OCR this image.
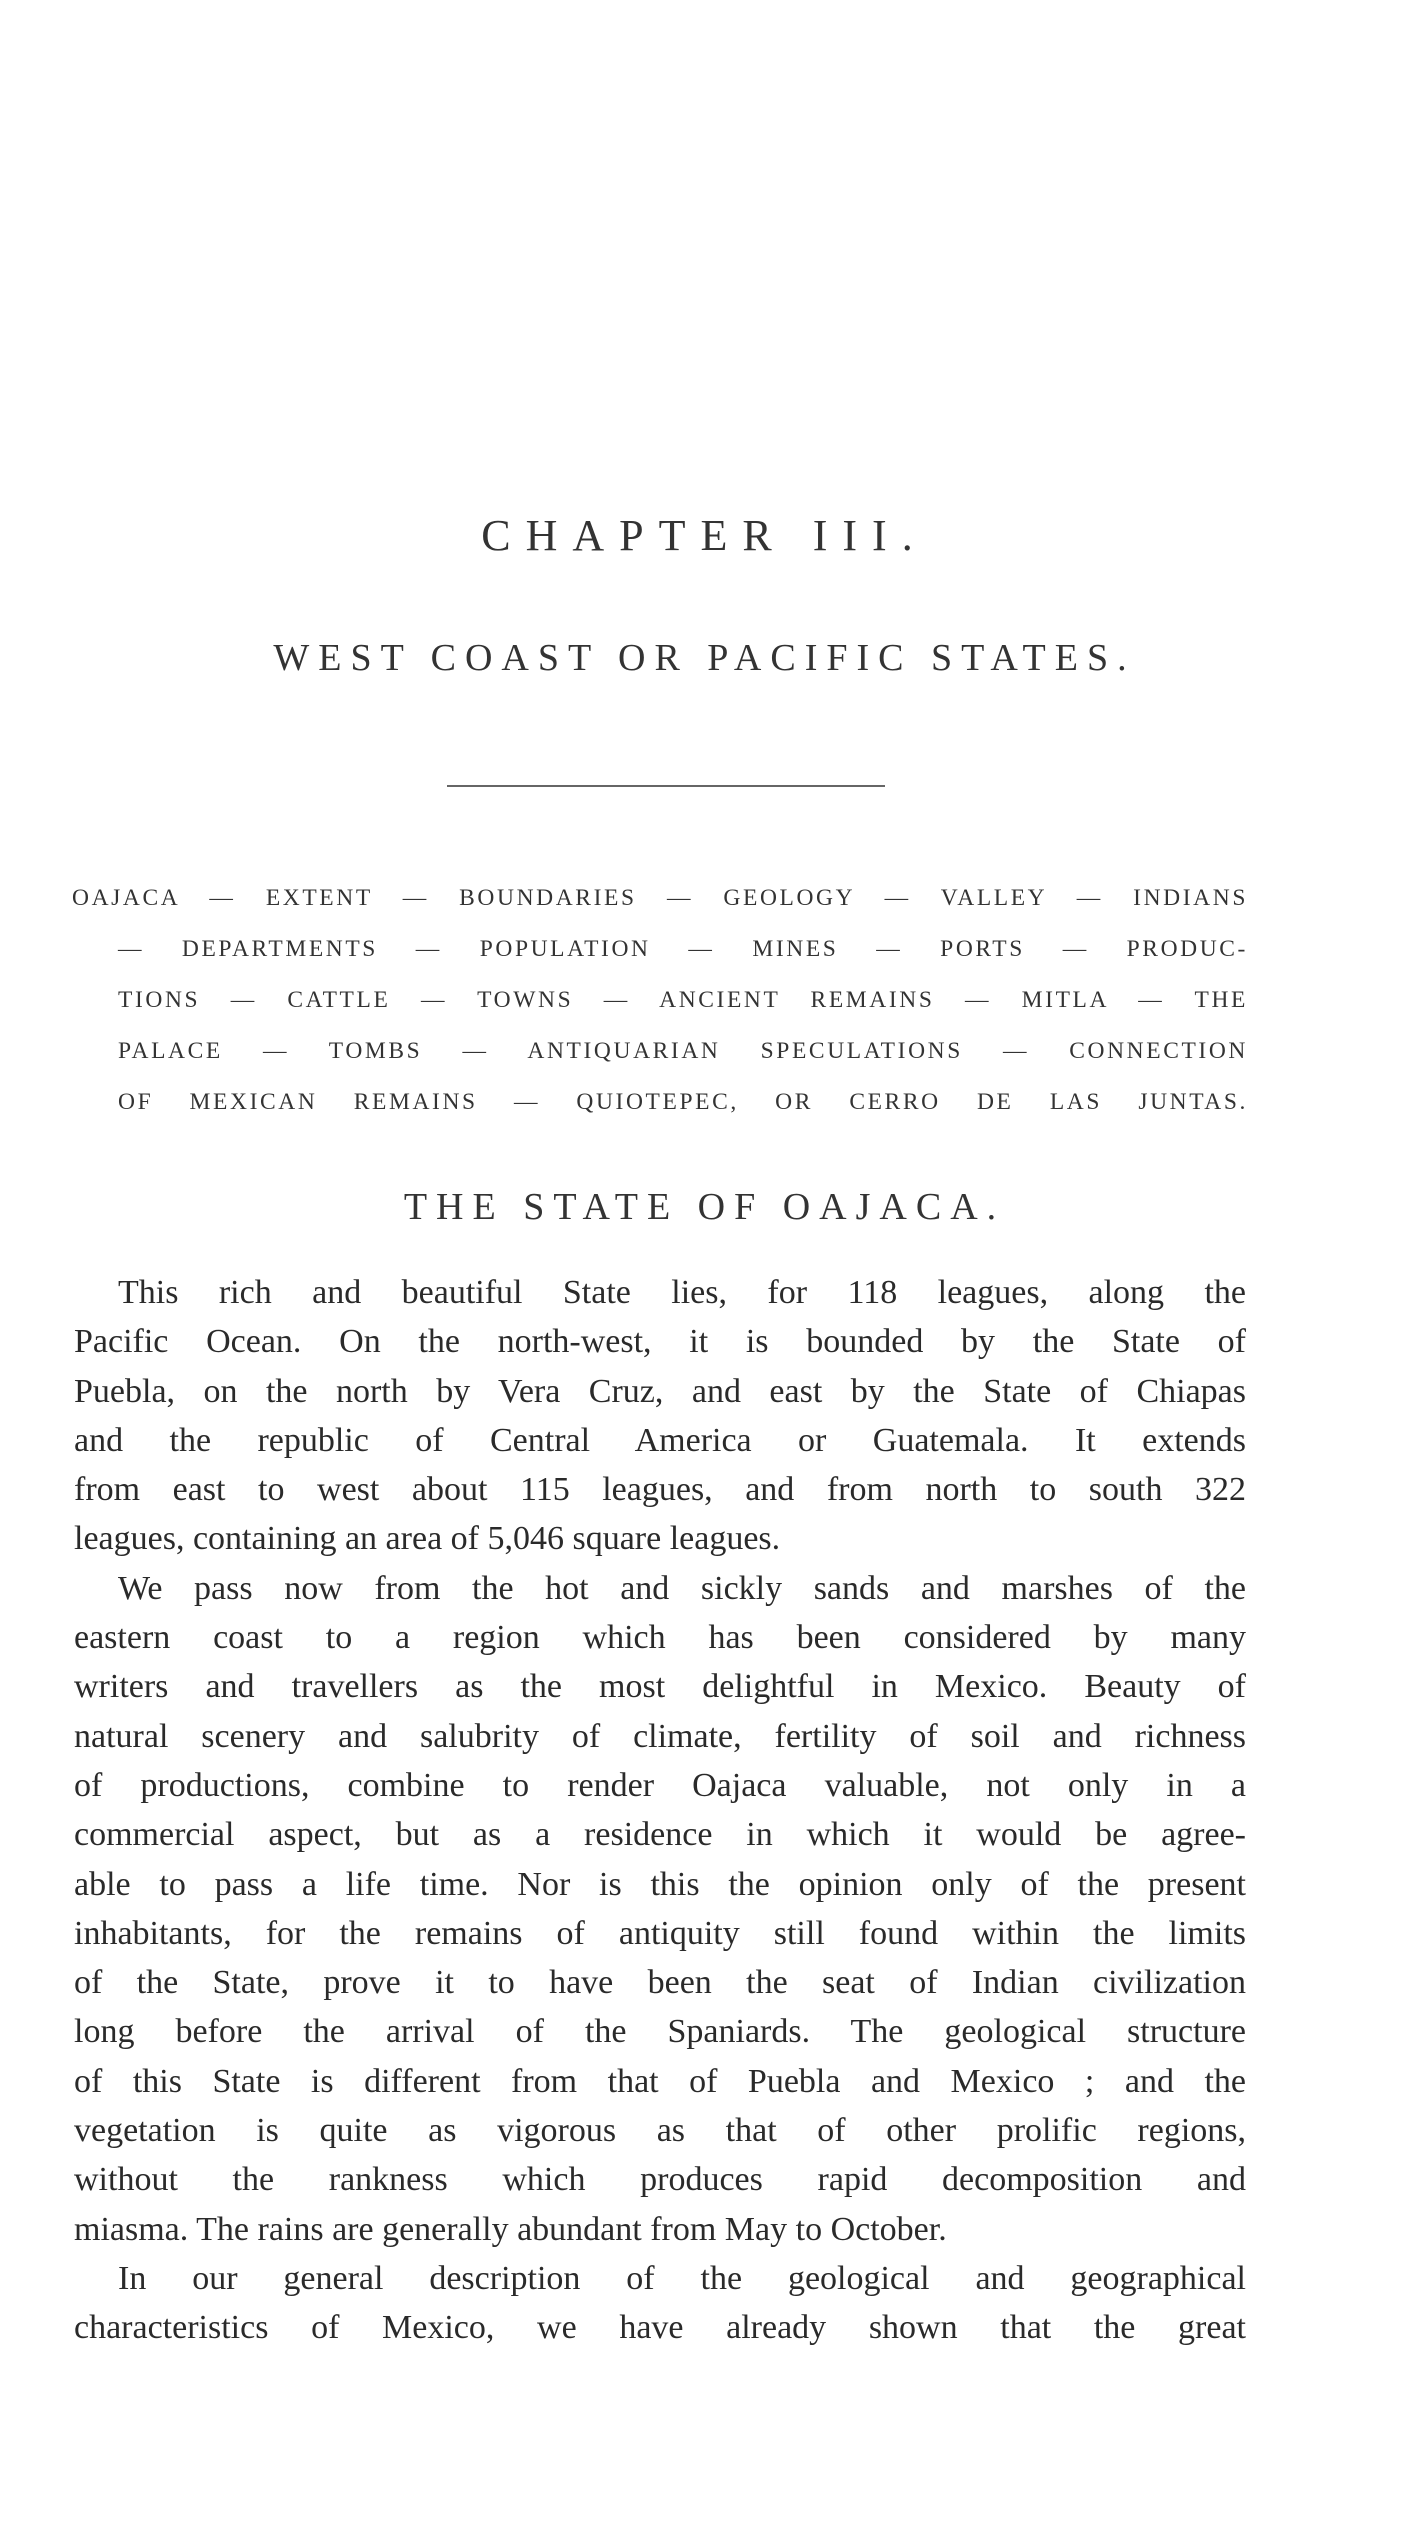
CHAPTER III.
WEST COAST OR PACIFIC STATES.
OAJACA — EXTENT — BOUNDARIES — GEOLOGY — VALLEY — INDIANS
— DEPARTMENTS — POPULATION — MINES — PORTS — PRODUC-
TIONS — CATTLE — TOWNS — ANCIENT REMAINS — MITLA — THE
PALACE — TOMBS — ANTIQUARIAN SPECULATIONS — CONNECTION
OF MEXICAN REMAINS — QUIOTEPEC, OR CERRO DE LAS JUNTAS.
THE STATE OF OAJACA.
This rich and beautiful State lies, for 118 leagues, along the
Pacific Ocean. On the north-west, it is bounded by the State of
Puebla, on the north by Vera Cruz, and east by the State of Chiapas
and the republic of Central America or Guatemala. It extends
from east to west about 115 leagues, and from north to south 322
leagues, containing an area of 5,046 square leagues.
We pass now from the hot and sickly sands and marshes of the
eastern coast to a region which has been considered by many
writers and travellers as the most delightful in Mexico. Beauty of
natural scenery and salubrity of climate, fertility of soil and richness
of productions, combine to render Oajaca valuable, not only in a
commercial aspect, but as a residence in which it would be agree-
able to pass a life time. Nor is this the opinion only of the present
inhabitants, for the remains of antiquity still found within the limits
of the State, prove it to have been the seat of Indian civilization
long before the arrival of the Spaniards. The geological structure
of this State is different from that of Puebla and Mexico ; and the
vegetation is quite as vigorous as that of other prolific regions,
without the rankness which produces rapid decomposition and
miasma. The rains are generally abundant from May to October.
In our general description of the geological and geographical
characteristics of Mexico, we have already shown that the great
